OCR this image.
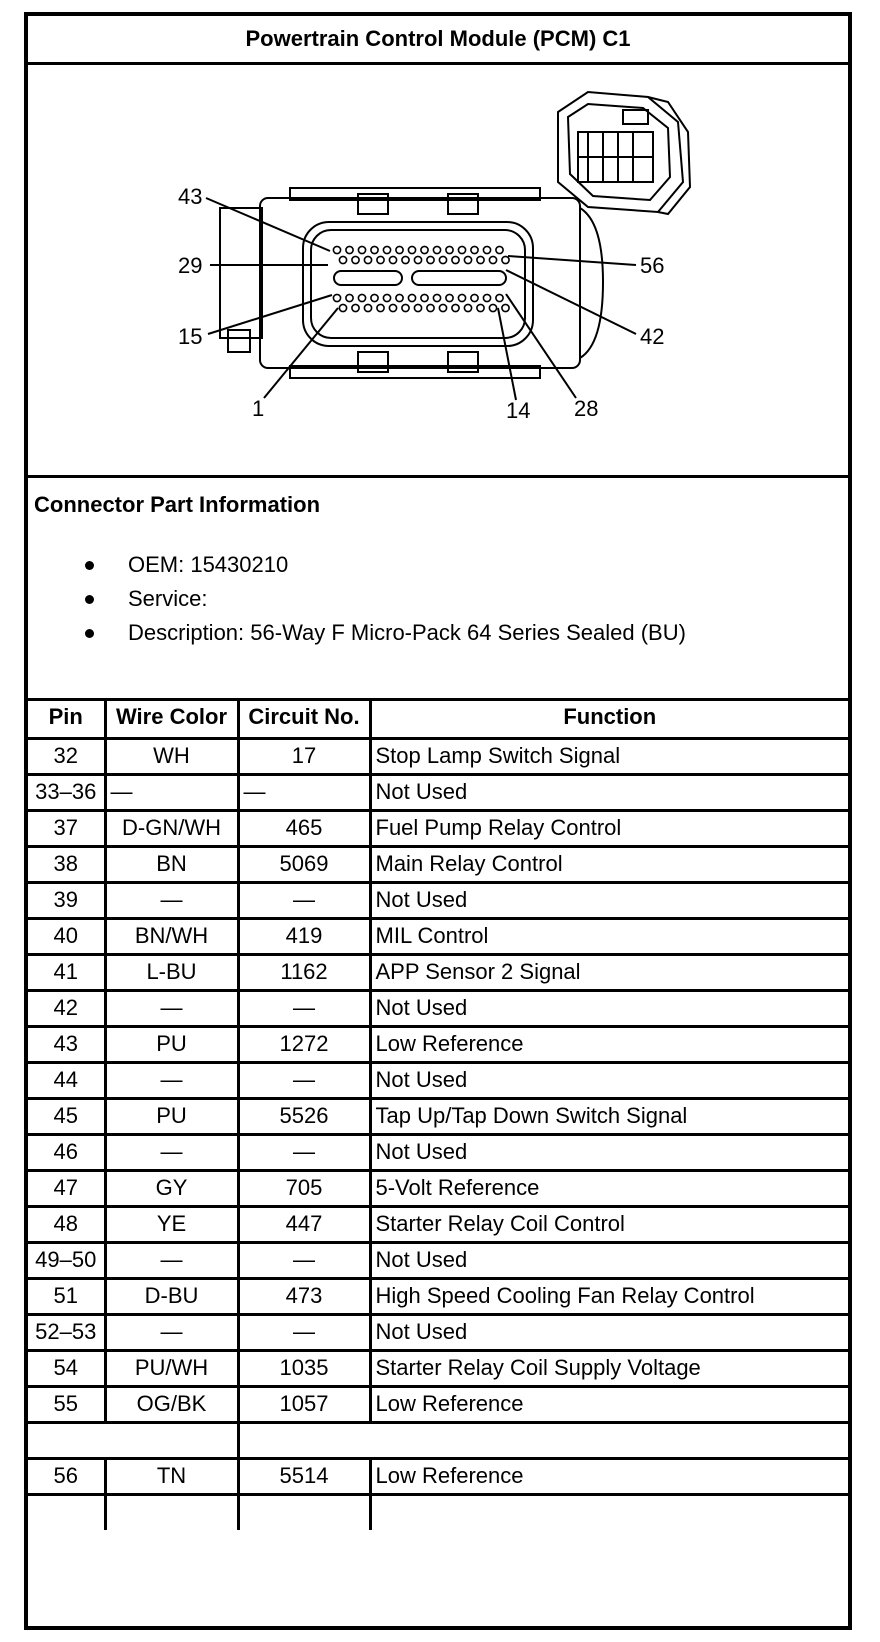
Powertrain Control Module (PCM) C1
43
29
15
1
56
42
14 28
Connector Part Information
OEM: 15430210
Service:
Description: 56-Way F Micro-Pack 64 Series Sealed (BU)
Pin	Wire Color	Circuit No.	Function
32	WH	17	Stop Lamp Switch Signal
33–36	—	—	Not Used
37	D-GN/WH	465	Fuel Pump Relay Control
38	BN	5069	Main Relay Control
39	—	—	Not Used
40	BN/WH	419	MIL Control
41	L-BU	1162	APP Sensor 2 Signal
42	—	—	Not Used
43	PU	1272	Low Reference
44	—	—	Not Used
45	PU	5526	Tap Up/Tap Down Switch Signal
46	—	—	Not Used
47	GY	705	5-Volt Reference
48	YE	447	Starter Relay Coil Control
49–50	—	—	Not Used
51	D-BU	473	High Speed Cooling Fan Relay Control
52–53	—	—	Not Used
54	PU/WH	1035	Starter Relay Coil Supply Voltage
55	OG/BK	1057	Low Reference

56	TN	5514	Low Reference
